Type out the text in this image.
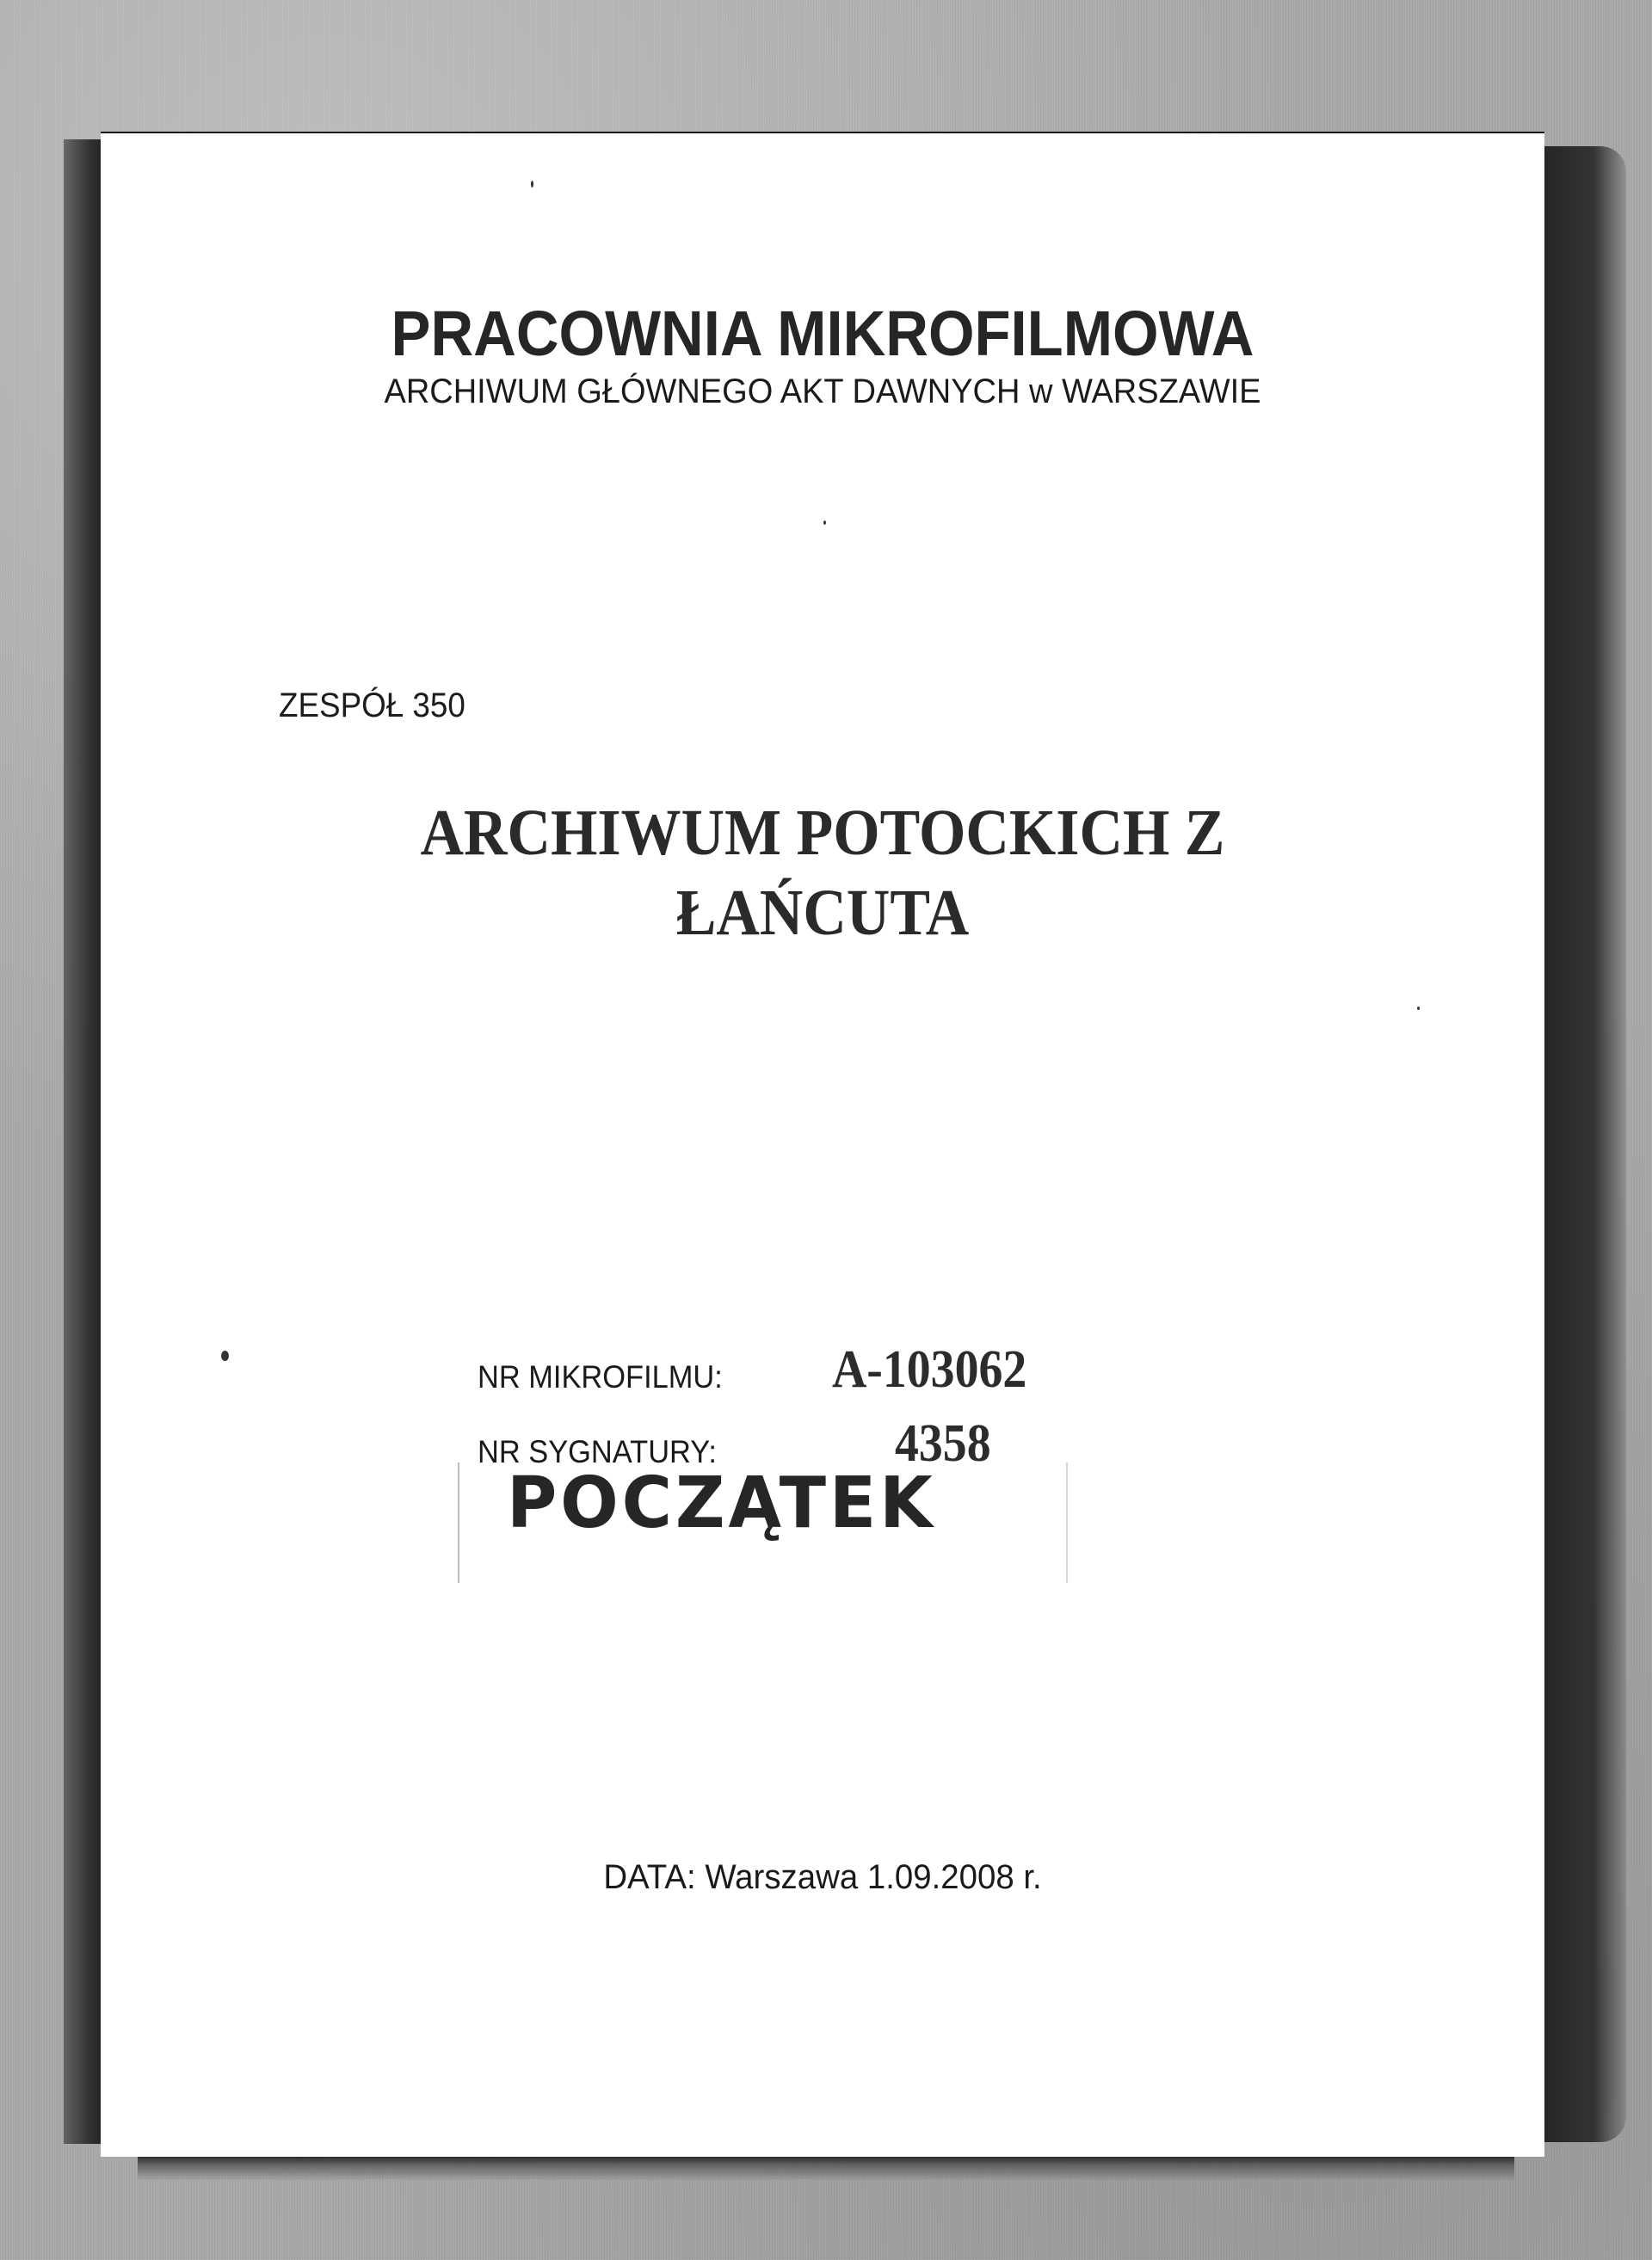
PRACOWNIA MIKROFILMOWA
ARCHIWUM GŁÓWNEGO AKT DAWNYCH w WARSZAWIE
ZESPÓŁ 350
ARCHIWUM POTOCKICH Z
ŁAŃCUTA
NR MIKROFILMU: A-103062
NR SYGNATURY:	4358
POCZĄTEK
DATA: Warszawa 1.09.2008 r.
